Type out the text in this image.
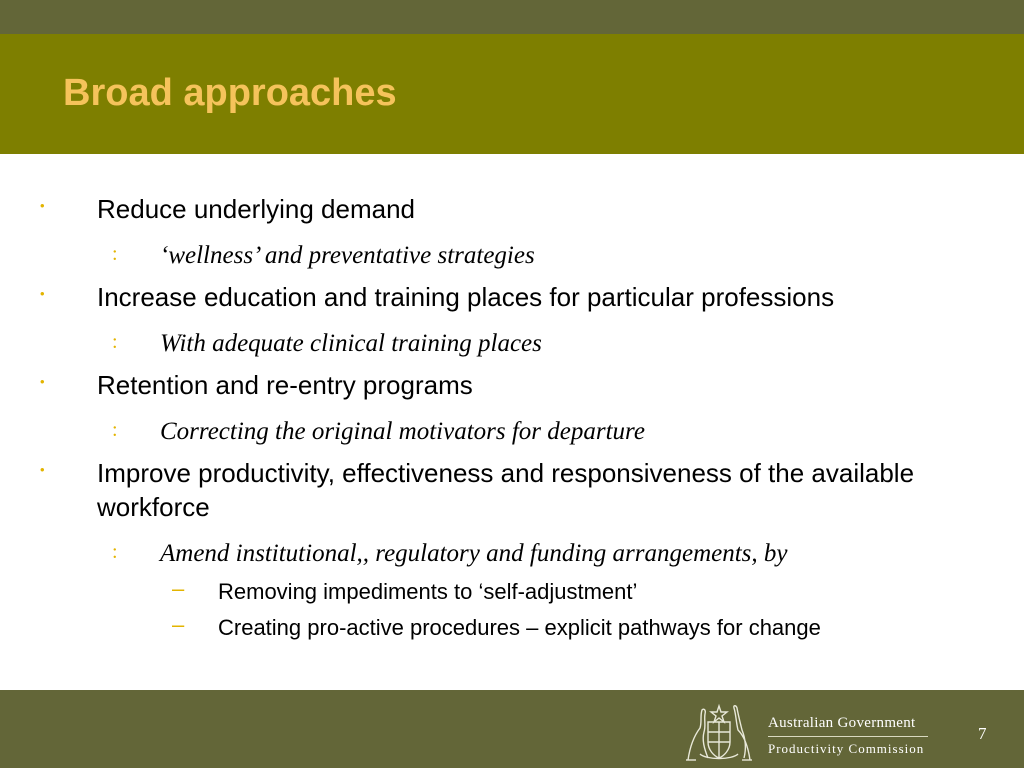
Broad approaches
• Reduce underlying demand
: ‘wellness’ and preventative strategies
• Increase education and training places for particular professions
: With adequate clinical training places
• Retention and re-entry programs
: Correcting the original motivators for departure
• Improve productivity, effectiveness and responsiveness of the available workforce
: Amend institutional,, regulatory and funding arrangements, by
– Removing impediments to ‘self-adjustment’
– Creating pro-active procedures – explicit pathways for change
Australian Government
Productivity Commission
7
